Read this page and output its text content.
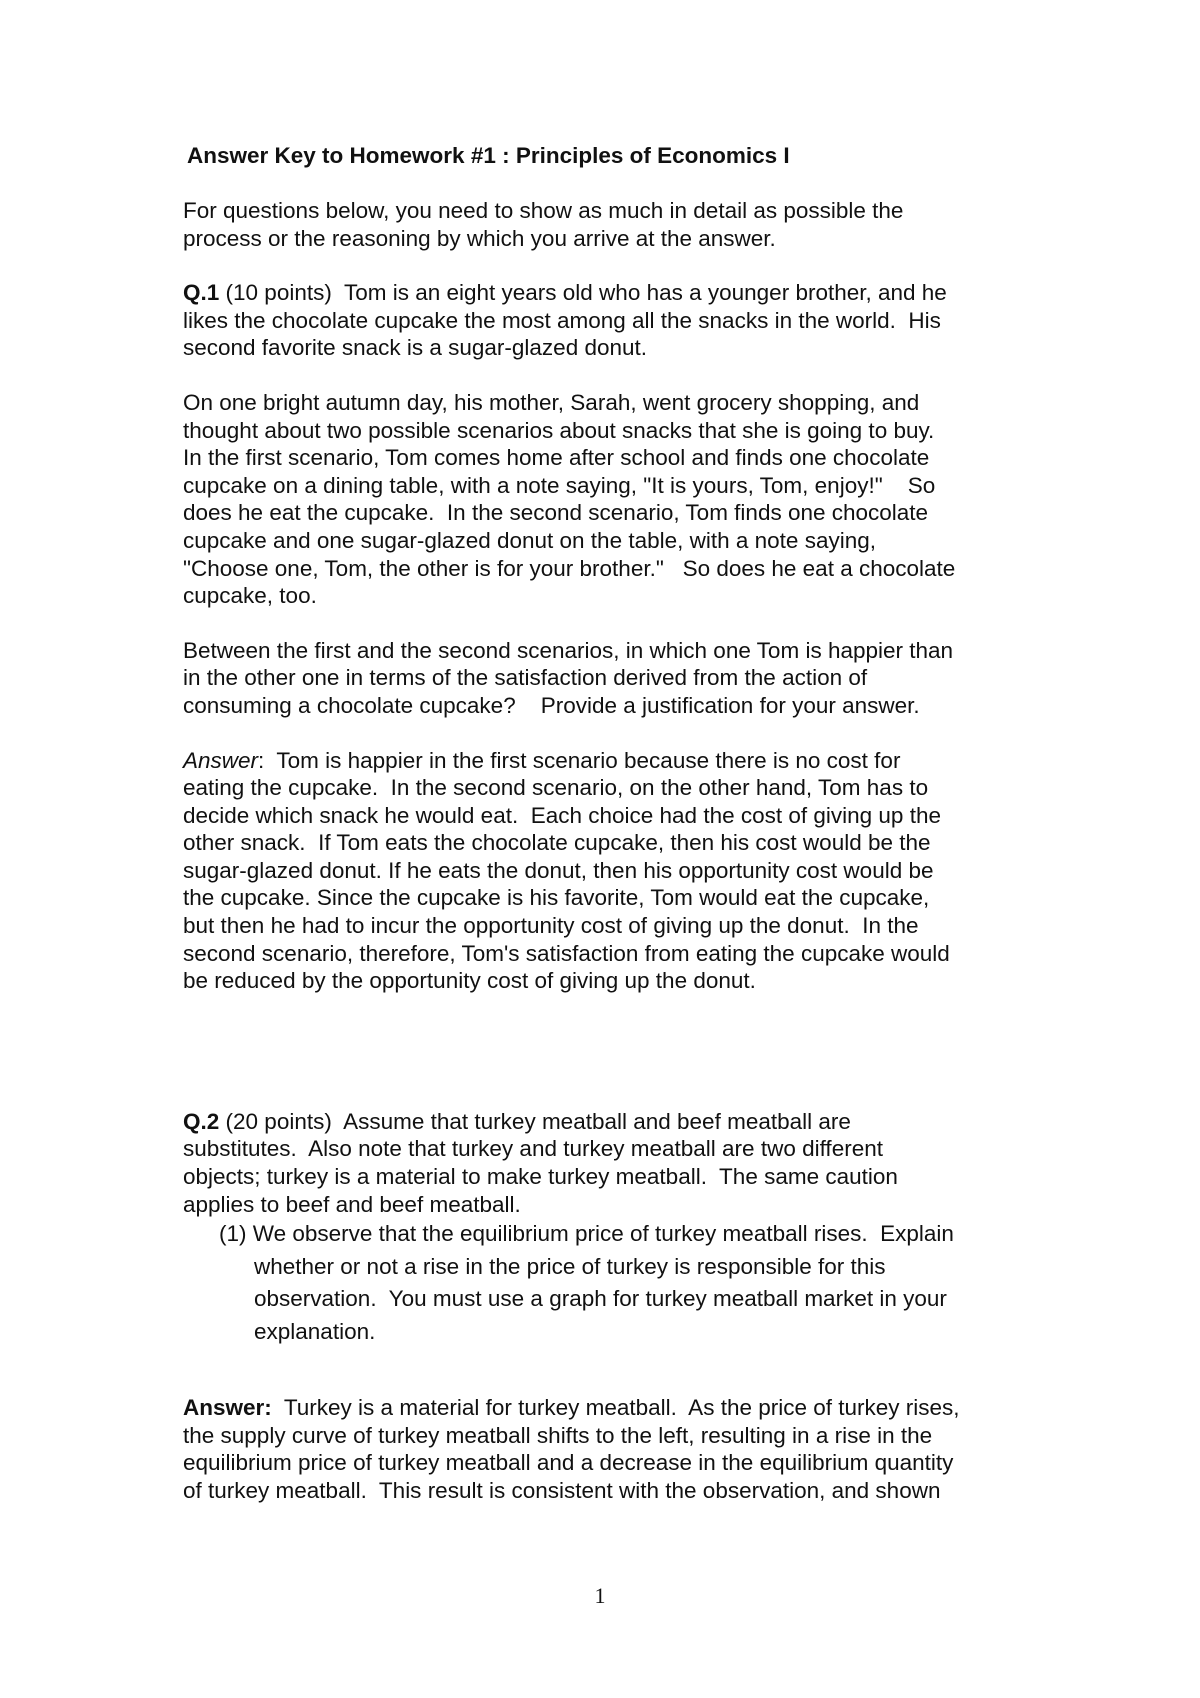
Answer Key to Homework #1 : Principles of Economics I
For questions below, you need to show as much in detail as possible the
process or the reasoning by which you arrive at the answer.
Q.1 (10 points)  Tom is an eight years old who has a younger brother, and he
likes the chocolate cupcake the most among all the snacks in the world.  His
second favorite snack is a sugar-glazed donut.
On one bright autumn day, his mother, Sarah, went grocery shopping, and
thought about two possible scenarios about snacks that she is going to buy.
In the first scenario, Tom comes home after school and finds one chocolate
cupcake on a dining table, with a note saying, "It is yours, Tom, enjoy!"    So
does he eat the cupcake.  In the second scenario, Tom finds one chocolate
cupcake and one sugar-glazed donut on the table, with a note saying,
"Choose one, Tom, the other is for your brother."   So does he eat a chocolate
cupcake, too.
Between the first and the second scenarios, in which one Tom is happier than
in the other one in terms of the satisfaction derived from the action of
consuming a chocolate cupcake?    Provide a justification for your answer.
Answer:  Tom is happier in the first scenario because there is no cost for
eating the cupcake.  In the second scenario, on the other hand, Tom has to
decide which snack he would eat.  Each choice had the cost of giving up the
other snack.  If Tom eats the chocolate cupcake, then his cost would be the
sugar-glazed donut. If he eats the donut, then his opportunity cost would be
the cupcake. Since the cupcake is his favorite, Tom would eat the cupcake,
but then he had to incur the opportunity cost of giving up the donut.  In the
second scenario, therefore, Tom's satisfaction from eating the cupcake would
be reduced by the opportunity cost of giving up the donut.
Q.2 (20 points)  Assume that turkey meatball and beef meatball are
substitutes.  Also note that turkey and turkey meatball are two different
objects; turkey is a material to make turkey meatball.  The same caution
applies to beef and beef meatball.
(1) We observe that the equilibrium price of turkey meatball rises.  Explain
whether or not a rise in the price of turkey is responsible for this
observation.  You must use a graph for turkey meatball market in your
explanation.
Answer:  Turkey is a material for turkey meatball.  As the price of turkey rises,
the supply curve of turkey meatball shifts to the left, resulting in a rise in the
equilibrium price of turkey meatball and a decrease in the equilibrium quantity
of turkey meatball.  This result is consistent with the observation, and shown
1
